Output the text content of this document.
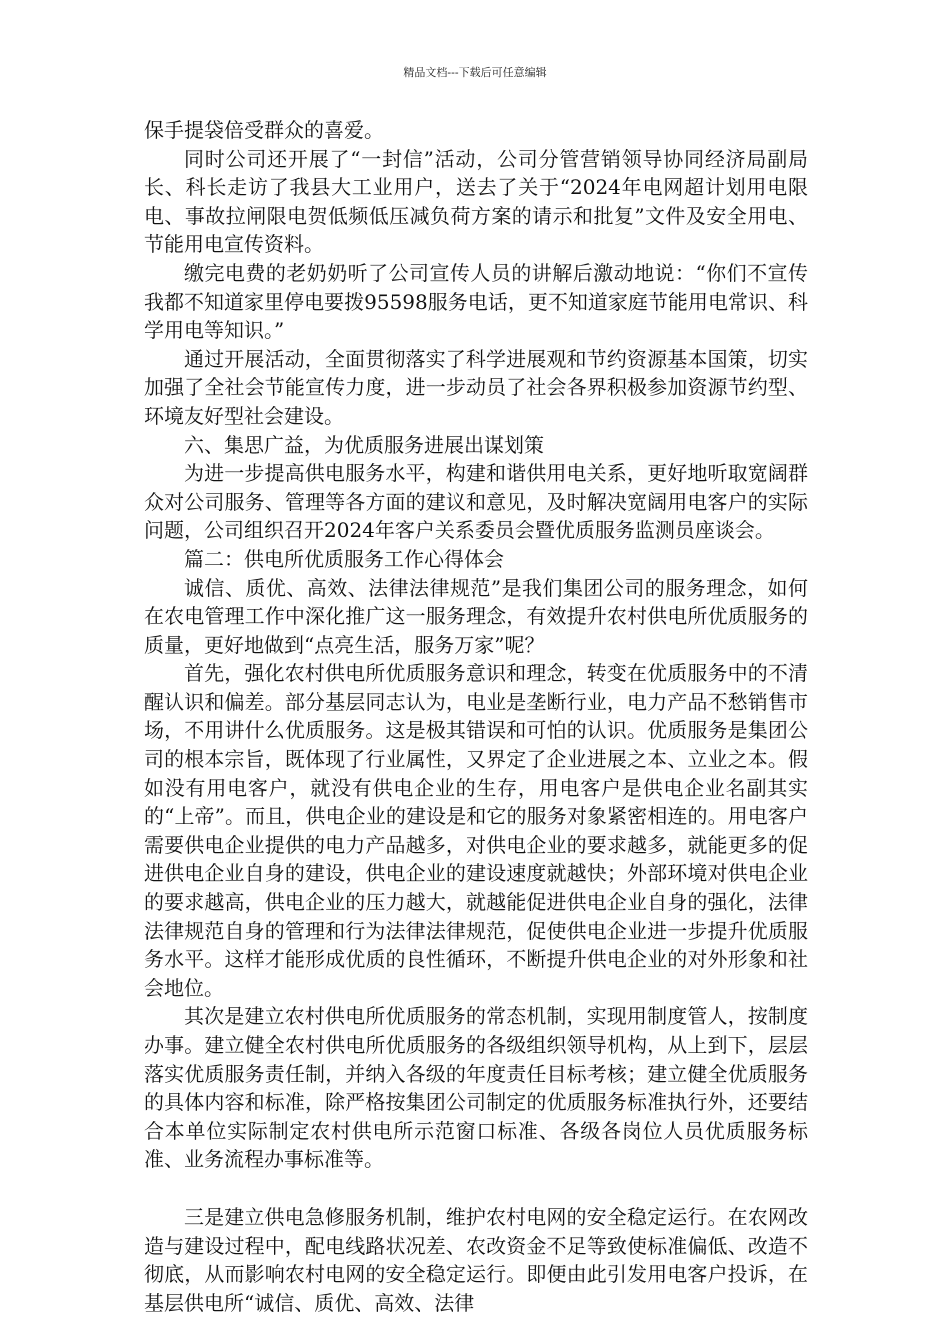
精品文档---下载后可任意编辑

保手提袋倍受群众的喜爱。

同时公司还开展了“一封信”活动，公司分管营销领导协同经济局副局长、科长走访了我县大工业用户，送去了关于“2024年电网超计划用电限电、事故拉闸限电贺低频低压减负荷方案的请示和批复”文件及安全用电、节能用电宣传资料。

缴完电费的老奶奶听了公司宣传人员的讲解后激动地说：“你们不宣传我都不知道家里停电要拨95598服务电话，更不知道家庭节能用电常识、科学用电等知识。”

通过开展活动，全面贯彻落实了科学进展观和节约资源基本国策，切实加强了全社会节能宣传力度，进一步动员了社会各界积极参加资源节约型、环境友好型社会建设。

六、集思广益，为优质服务进展出谋划策

为进一步提高供电服务水平，构建和谐供用电关系，更好地听取宽阔群众对公司服务、管理等各方面的建议和意见，及时解决宽阔用电客户的实际问题，公司组织召开2024年客户关系委员会暨优质服务监测员座谈会。

篇二：供电所优质服务工作心得体会

诚信、质优、高效、法律法律规范”是我们集团公司的服务理念，如何在农电管理工作中深化推广这一服务理念，有效提升农村供电所优质服务的质量，更好地做到“点亮生活，服务万家”呢？

首先，强化农村供电所优质服务意识和理念，转变在优质服务中的不清醒认识和偏差。部分基层同志认为，电业是垄断行业，电力产品不愁销售市场，不用讲什么优质服务。这是极其错误和可怕的认识。优质服务是集团公司的根本宗旨，既体现了行业属性，又界定了企业进展之本、立业之本。假如没有用电客户，就没有供电企业的生存，用电客户是供电企业名副其实的“上帝”。而且，供电企业的建设是和它的服务对象紧密相连的。用电客户需要供电企业提供的电力产品越多，对供电企业的要求越多，就能更多的促进供电企业自身的建设，供电企业的建设速度就越快；外部环境对供电企业的要求越高，供电企业的压力越大，就越能促进供电企业自身的强化，法律法律规范自身的管理和行为法律法律规范，促使供电企业进一步提升优质服务水平。这样才能形成优质的良性循环，不断提升供电企业的对外形象和社会地位。

其次是建立农村供电所优质服务的常态机制，实现用制度管人，按制度办事。建立健全农村供电所优质服务的各级组织领导机构，从上到下，层层落实优质服务责任制，并纳入各级的年度责任目标考核；建立健全优质服务的具体内容和标准，除严格按集团公司制定的优质服务标准执行外，还要结合本单位实际制定农村供电所示范窗口标准、各级各岗位人员优质服务标准、业务流程办事标准等。

三是建立供电急修服务机制，维护农村电网的安全稳定运行。在农网改造与建设过程中，配电线路状况差、农改资金不足等致使标准偏低、改造不彻底，从而影响农村电网的安全稳定运行。即便由此引发用电客户投诉，在基层供电所“诚信、质优、高效、法律
